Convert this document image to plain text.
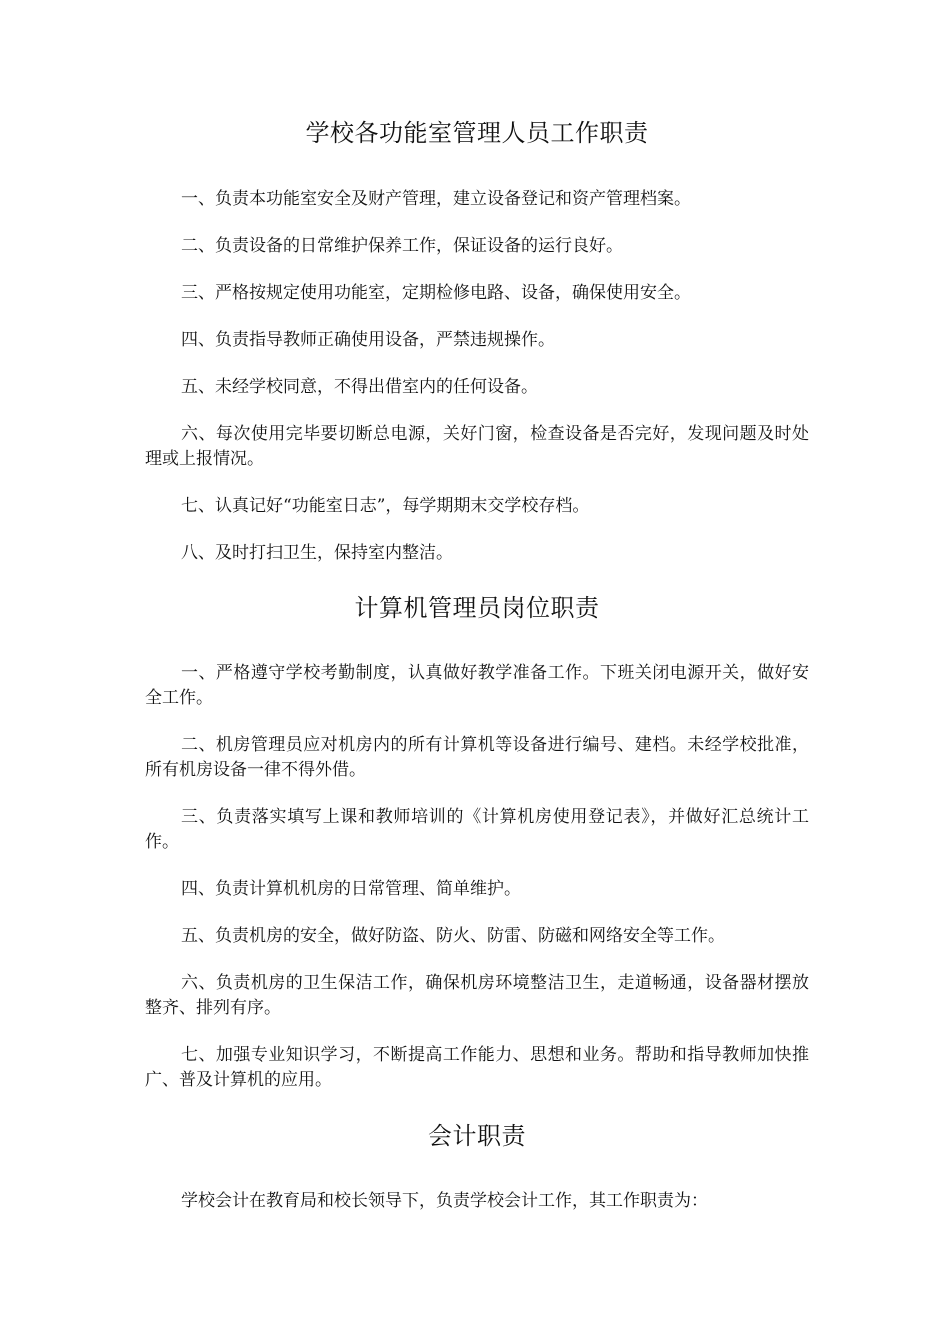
学校各功能室管理人员工作职责

一、负责本功能室安全及财产管理，建立设备登记和资产管理档案。

二、负责设备的日常维护保养工作，保证设备的运行良好。

三、严格按规定使用功能室，定期检修电路、设备，确保使用安全。

四、负责指导教师正确使用设备，严禁违规操作。

五、未经学校同意，不得出借室内的任何设备。

六、每次使用完毕要切断总电源，关好门窗，检查设备是否完好，发现问题及时处理或上报情况。

七、认真记好“功能室日志”，每学期期末交学校存档。

八、及时打扫卫生，保持室内整洁。

计算机管理员岗位职责

一、严格遵守学校考勤制度，认真做好教学准备工作。下班关闭电源开关，做好安全工作。

二、机房管理员应对机房内的所有计算机等设备进行编号、建档。未经学校批准，所有机房设备一律不得外借。

三、负责落实填写上课和教师培训的《计算机房使用登记表》，并做好汇总统计工作。

四、负责计算机机房的日常管理、简单维护。

五、负责机房的安全，做好防盗、防火、防雷、防磁和网络安全等工作。

六、负责机房的卫生保洁工作，确保机房环境整洁卫生，走道畅通，设备器材摆放整齐、排列有序。

七、加强专业知识学习，不断提高工作能力、思想和业务。帮助和指导教师加快推广、普及计算机的应用。

会计职责

学校会计在教育局和校长领导下，负责学校会计工作，其工作职责为：
